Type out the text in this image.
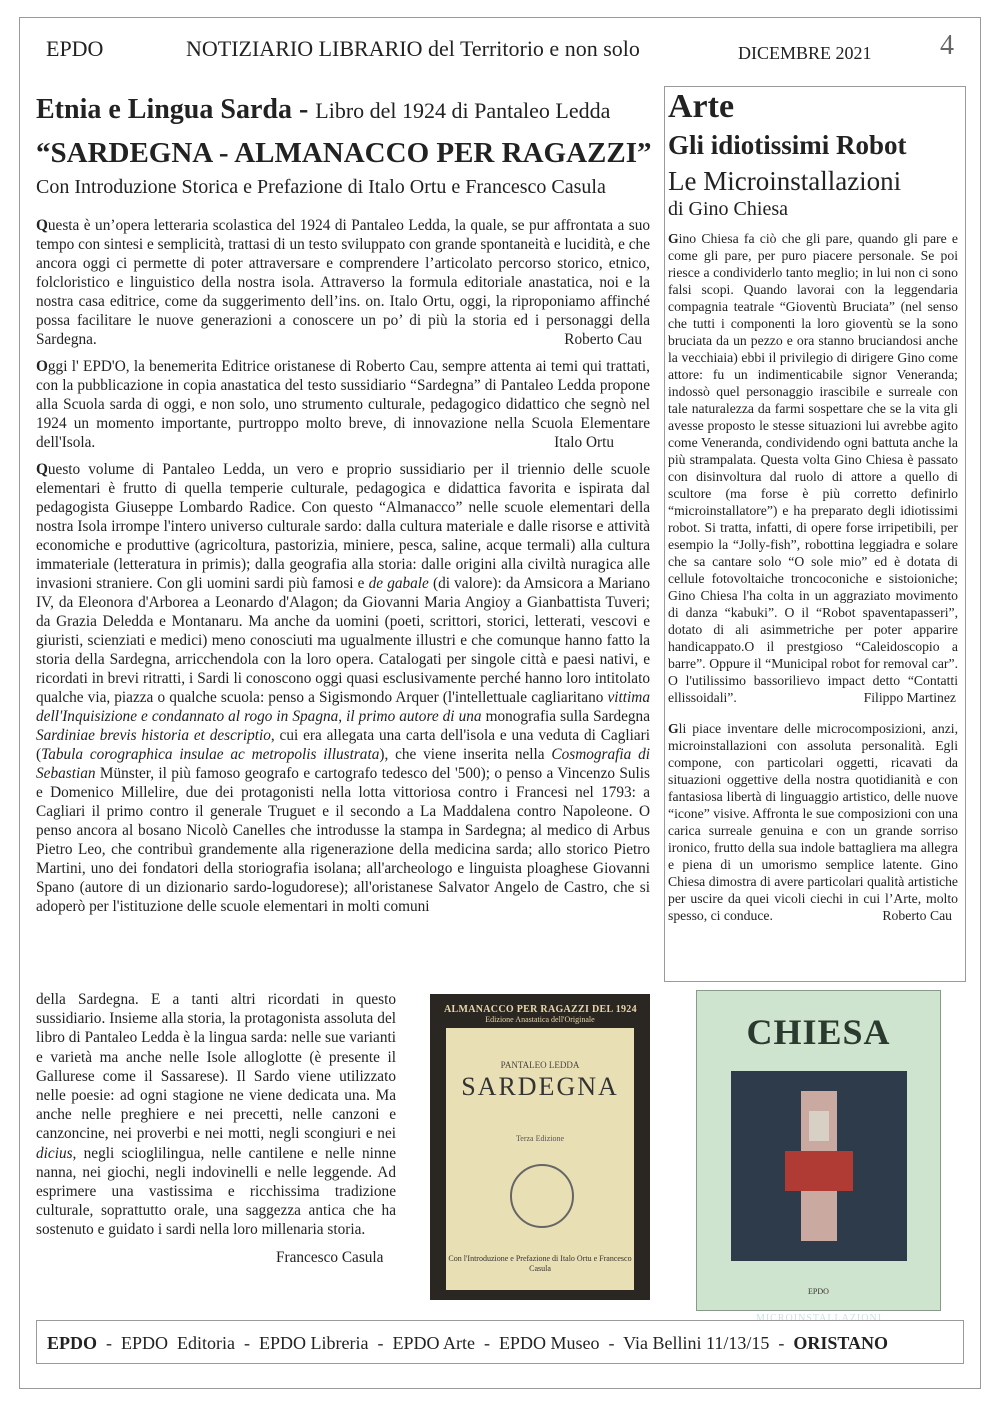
EPDO	NOTIZIARIO LIBRARIO del Territorio e non solo	DICEMBRE 2021 4
Etnia e Lingua Sarda - Libro del 1924 di Pantaleo Ledda
“SARDEGNA - ALMANACCO PER RAGAZZI”
Con Introduzione Storica e Prefazione di Italo Ortu e Francesco Casula

Questa è un’opera letteraria scolastica del 1924 di Pantaleo Ledda, la quale, se pur affrontata a suo tempo con sintesi e semplicità, trattasi di un testo sviluppato con grande spontaneità e lucidità, e che ancora oggi ci permette di poter attraversare e comprendere l’articolato percorso storico, etnico, folcloristico e linguistico della nostra isola. Attraverso la formula editoriale anastatica, noi e la nostra casa editrice, come da suggerimento dell’ins. on. Italo Ortu, oggi, la riproponiamo affinché possa facilitare le nuove generazioni a conoscere un po’ di più la storia ed i personaggi della Sardegna.	Roberto Cau

Oggi l' EPD'O, la benemerita Editrice oristanese di Roberto Cau, sempre attenta ai temi qui trattati, con la pubblicazione in copia anastatica del testo sussidiario “Sardegna” di Pantaleo Ledda propone alla Scuola sarda di oggi, e non solo, uno strumento culturale, pedagogico didattico che segnò nel 1924 un momento importante, purtroppo molto breve, di innovazione nella Scuola Elementare dell'Isola.	Italo Ortu

Questo volume di Pantaleo Ledda, un vero e proprio sussidiario per il triennio delle scuole elementari è frutto di quella temperie culturale, pedagogica e didattica favorita e ispirata dal pedagogista Giuseppe Lombardo Radice. Con questo “Almanacco” nelle scuole elementari della nostra Isola irrompe l'intero universo culturale sardo: dalla cultura materiale e dalle risorse e attività economiche e produttive (agricoltura, pastorizia, miniere, pesca, saline, acque termali) alla cultura immateriale (letteratura in primis); dalla geografia alla storia: dalle origini alla civiltà nuragica alle invasioni straniere. Con gli uomini sardi più famosi e de gabale (di valore): da Amsicora a Mariano IV, da Eleonora d'Arborea a Leonardo d'Alagon; da Giovanni Maria Angioy a Gianbattista Tuveri; da Grazia Deledda e Montanaru. Ma anche da uomini (poeti, scrittori, storici, letterati, vescovi e giuristi, scienziati e medici) meno conosciuti ma ugualmente illustri e che comunque hanno fatto la storia della Sardegna, arricchendola con la loro opera. Catalogati per singole città e paesi nativi, e ricordati in brevi ritratti, i Sardi li conoscono oggi quasi esclusivamente perché hanno loro intitolato qualche via, piazza o qualche scuola: penso a Sigismondo Arquer (l'intellettuale cagliaritano vittima dell'Inquisizione e condannato al rogo in Spagna, il primo autore di una monografia sulla Sardegna Sardiniae brevis historia et descriptio, cui era allegata una carta dell'isola e una veduta di Cagliari (Tabula corographica insulae ac metropolis illustrata), che viene inserita nella Cosmografia di Sebastian Münster, il più famoso geografo e cartografo tedesco del '500); o penso a Vincenzo Sulis e Domenico Millelire, due dei protagonisti nella lotta vittoriosa contro i Francesi nel 1793: a Cagliari il primo contro il generale Truguet e il secondo a La Maddalena contro Napoleone. O penso ancora al bosano Nicolò Canelles che introdusse la stampa in Sardegna; al medico di Arbus Pietro Leo, che contribuì grandemente alla rigenerazione della medicina sarda; allo storico Pietro Martini, uno dei fondatori della storiografia isolana; all'archeologo e linguista ploaghese Giovanni Spano (autore di un dizionario sardo-logudorese); all'oristanese Salvator Angelo de Castro, che si adoperò per l'istituzione delle scuole elementari in molti comuni

della Sardegna. E a tanti altri ricordati in questo sussidiario. Insieme alla storia, la protagonista assoluta del libro di Pantaleo Ledda è la lingua sarda: nelle sue varianti e varietà ma anche nelle Isole alloglotte (è presente il Gallurese come il Sassarese). Il Sardo viene utilizzato nelle poesie: ad ogni stagione ne viene dedicata una. Ma anche nelle preghiere e nei precetti, nelle canzoni e canzoncine, nei proverbi e nei motti, negli scongiuri e nei dicius, negli scioglilingua, nelle cantilene e nelle ninne nanna, nei giochi, negli indovinelli e nelle leggende. Ad esprimere una vastissima e ricchissima tradizione culturale, soprattutto orale, una saggezza antica che ha sostenuto e guidato i sardi nella loro millenaria storia.

Francesco Casula
ALMANACCO PER RAGAZZI DEL 1924
Edizione Anastatica dell'Originale
PANTALEO LEDDA
SARDEGNA
Terza Edizione
Con l'Introduzione e Prefazione di Italo Ortu e Francesco Casula
Arte
Gli idiotissimi Robot
Le Microinstallazioni
di Gino Chiesa

Gino Chiesa fa ciò che gli pare, quando gli pare e come gli pare, per puro piacere personale. Se poi riesce a condividerlo tanto meglio; in lui non ci sono falsi scopi. Quando lavorai con la leggendaria compagnia teatrale “Gioventù Bruciata” (nel senso che tutti i componenti la loro gioventù se la sono bruciata da un pezzo e ora stanno bruciandosi anche la vecchiaia) ebbi il privilegio di dirigere Gino come attore: fu un indimenticabile signor Veneranda; indossò quel personaggio irascibile e surreale con tale naturalezza da farmi sospettare che se la vita gli avesse proposto le stesse situazioni lui avrebbe agito come Veneranda, condividendo ogni battuta anche la più strampalata. Questa volta Gino Chiesa è passato con disinvoltura dal ruolo di attore a quello di scultore (ma forse è più corretto definirlo “microinstallatore”) e ha preparato degli idiotissimi robot. Si tratta, infatti, di opere forse irripetibili, per esempio la “Jolly-fish”, robottina leggiadra e solare che sa cantare solo “O sole mio” ed è dotata di cellule fotovoltaiche troncoconiche e sistoioniche; Gino Chiesa l'ha colta in un aggraziato movimento di danza “kabuki”. O il “Robot spaventapasseri”, dotato di ali asimmetriche per poter apparire handicappato.O il prestgioso “Caleidoscopio a barre”. Oppure il “Municipal robot for removal car”. O l'utilissimo bassorilievo impact detto “Contatti ellissoidali”.	Filippo Martinez

Gli piace inventare delle microcomposizioni, anzi, microinstallazioni con assoluta personalità. Egli compone, con particolari oggetti, ricavati da situazioni oggettive della nostra quotidianità e con fantasiosa libertà di linguaggio artistico, delle nuove “icone” visive. Affronta le sue composizioni con una carica surreale genuina e con un grande sorriso ironico, frutto della sua indole battagliera ma allegra e piena di un umorismo semplice latente. Gino Chiesa dimostra di avere particolari qualità artistiche per uscire da quei vicoli ciechi in cui l’Arte, molto spesso, ci conduce.	Roberto Cau

CHIESA
MICROINSTALLAZIONI
EPDO
EPDO  -  EPDO  Editoria  -  EPDO Libreria  -  EPDO Arte  -  EPDO Museo  -  Via Bellini 11/13/15  -  ORISTANO
